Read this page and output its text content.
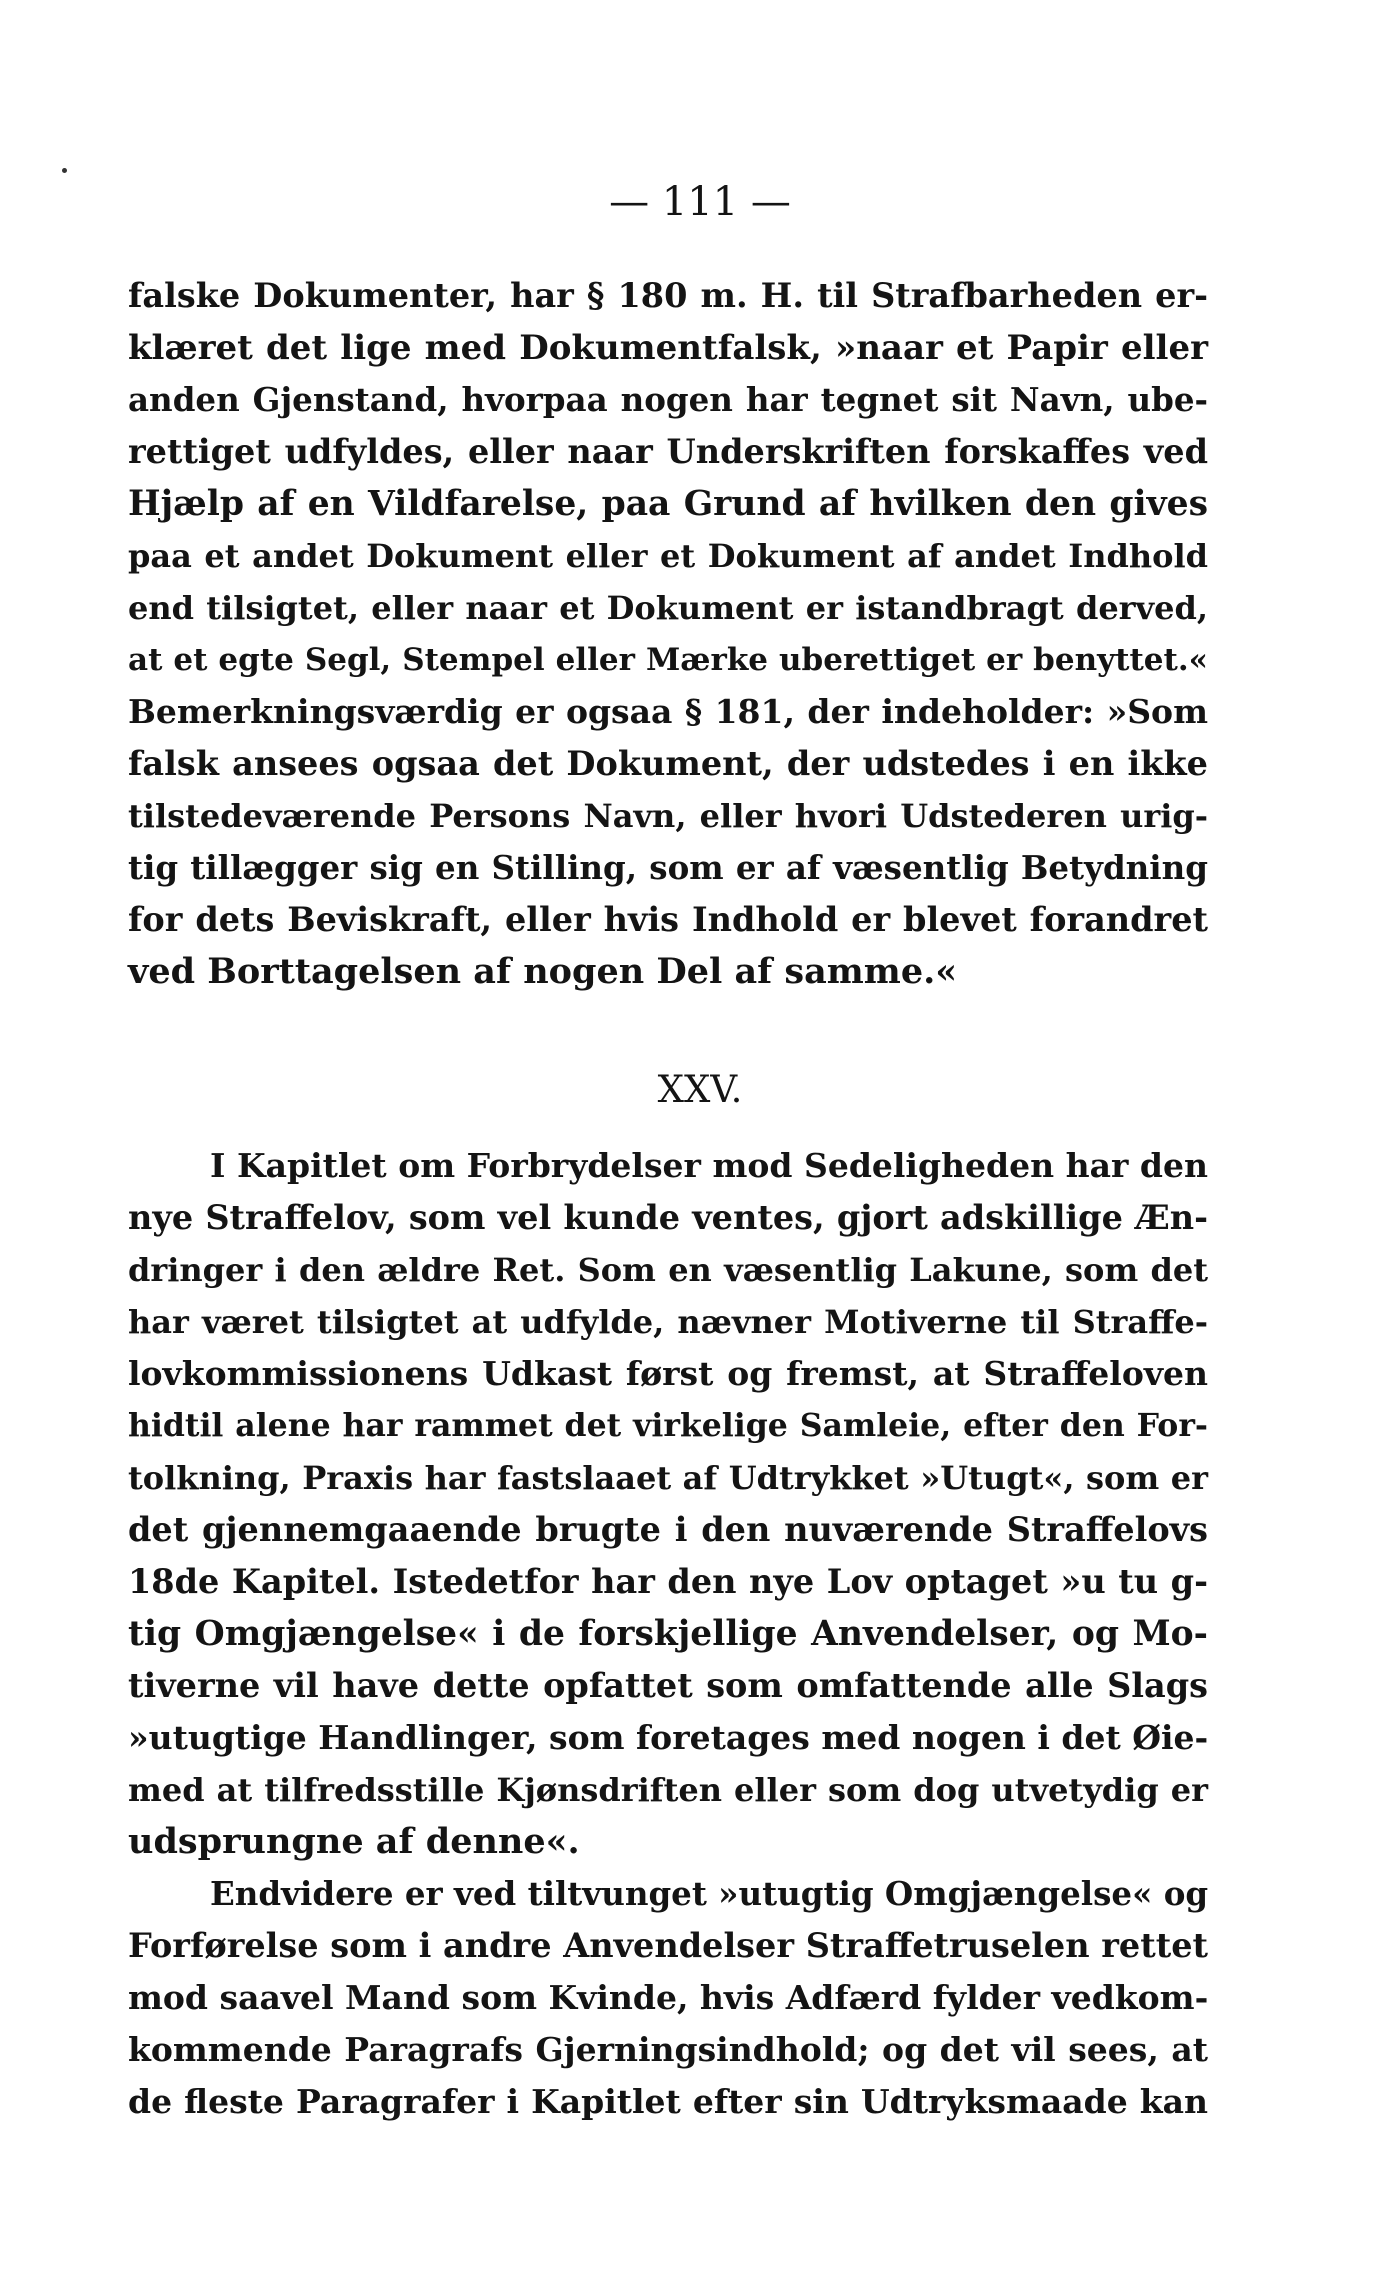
— 111 —
falske Dokumenter, har § 180 m. H. til Strafbarheden er-
klæret det lige med Dokumentfalsk, »naar et Papir eller
anden Gjenstand, hvorpaa nogen har tegnet sit Navn, ube-
rettiget udfyldes, eller naar Underskriften forskaffes ved
Hjælp af en Vildfarelse, paa Grund af hvilken den gives
paa et andet Dokument eller et Dokument af andet Indhold
end tilsigtet, eller naar et Dokument er istandbragt derved,
at et egte Segl, Stempel eller Mærke uberettiget er benyttet.«
Bemerkningsværdig er ogsaa § 181, der indeholder: »Som
falsk ansees ogsaa det Dokument, der udstedes i en ikke
tilstedeværende Persons Navn, eller hvori Udstederen urig-
tig tillægger sig en Stilling, som er af væsentlig Betydning
for dets Beviskraft, eller hvis Indhold er blevet forandret
ved Borttagelsen af nogen Del af samme.«
XXV.
I Kapitlet om Forbrydelser mod Sedeligheden har den
nye Straffelov, som vel kunde ventes, gjort adskillige Æn-
dringer i den ældre Ret. Som en væsentlig Lakune, som det
har været tilsigtet at udfylde, nævner Motiverne til Straffe-
lovkommissionens Udkast først og fremst, at Straffeloven
hidtil alene har rammet det virkelige Samleie, efter den For-
tolkning, Praxis har fastslaaet af Udtrykket »Utugt«, som er
det gjennemgaaende brugte i den nuværende Straffelovs
18de Kapitel. Istedetfor har den nye Lov optaget »u tu g-
tig Omgjængelse« i de forskjellige Anvendelser, og Mo-
tiverne vil have dette opfattet som omfattende alle Slags
»utugtige Handlinger, som foretages med nogen i det Øie-
med at tilfredsstille Kjønsdriften eller som dog utvetydig er
udsprungne af denne«.
Endvidere er ved tiltvunget »utugtig Omgjængelse« og
Forførelse som i andre Anvendelser Straffetruselen rettet
mod saavel Mand som Kvinde, hvis Adfærd fylder vedkom-
kommende Paragrafs Gjerningsindhold; og det vil sees, at
de fleste Paragrafer i Kapitlet efter sin Udtryksmaade kan
